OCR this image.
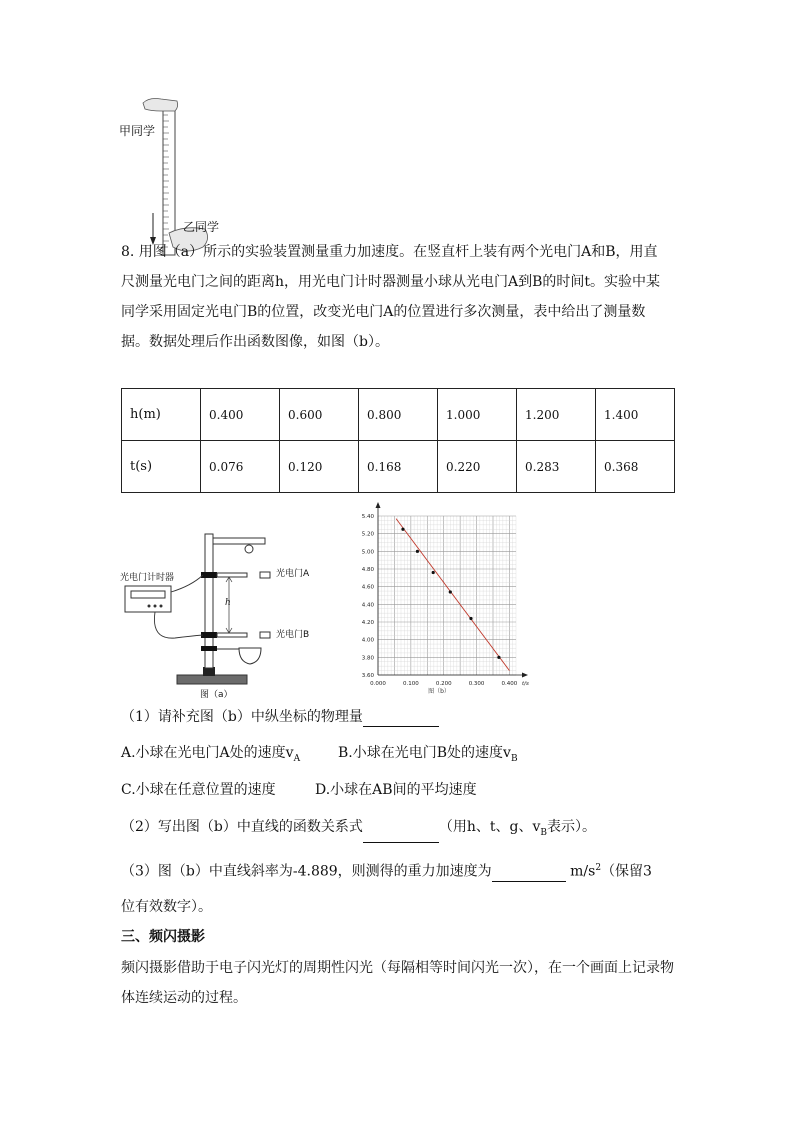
甲同学
乙同学
8. 用图（a）所示的实验装置测量重力加速度。在竖直杆上装有两个光电门A和B，用直
尺测量光电门之间的距离h，用光电门计时器测量小球从光电门A到B的时间t。实验中某
同学采用固定光电门B的位置，改变光电门A的位置进行多次测量，表中给出了测量数
据。数据处理后作出函数图像，如图（b）。
h(m)	0.400	0.600	0.800	1.000	1.200	1.400
t(s)	0.076	0.120	0.168	0.220	0.283	0.368
光电门计时器	光电门A
光电门B
h
图（a）
3.60
3.80
4.00
4.20
4.40
4.60
4.80
5.00
5.20
5.40
0.000	0.100	0.200	0.300	0.400 t/s
图（b）
（1）请补充图（b）中纵坐标的物理量
A.小球在光电门A处的速度$v_A$	B.小球在光电门B处的速度$v_B$
C.小球在任意位置的速度	D.小球在AB间的平均速度
（2）写出图（b）中直线的函数关系式	（用h、t、g、$v_B$表示）。
（3）图（b）中直线斜率为-4.889，则测得的重力加速度为	$m/s^2$（保留3
位有效数字）。
三、频闪摄影
频闪摄影借助于电子闪光灯的周期性闪光（每隔相等时间闪光一次），在一个画面上记录物
体连续运动的过程。
